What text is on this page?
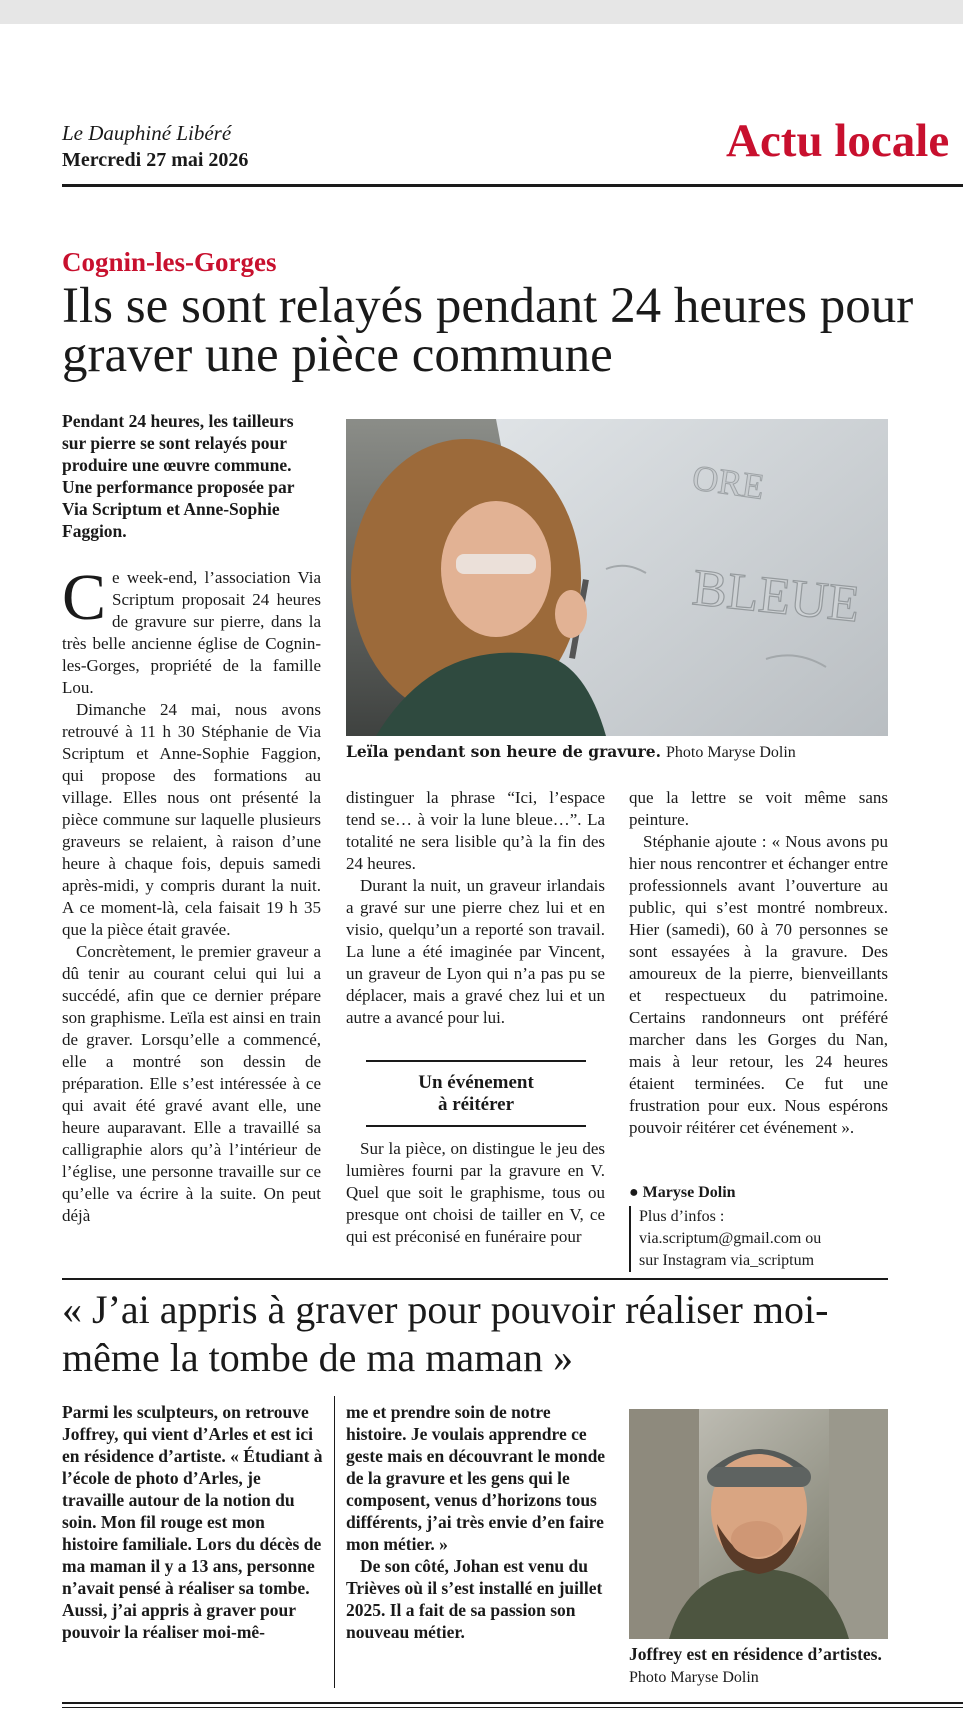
Le Dauphiné Libéré
Mercredi 27 mai 2026	Actu locale
Cognin-les-Gorges
Ils se sont relayés pendant 24 heures pour graver une pièce commune
Pendant 24 heures, les tailleurs sur pierre se sont relayés pour produire une œuvre commune. Une performance proposée par Via Scriptum et Anne-Sophie Faggion.
ORE
BLEUE
Leïla pendant son heure de gravure. Photo Maryse Dolin
C e week-end, l’association Via Scriptum proposait 24 heures de gravure sur pierre, dans la très belle ancienne église de Cognin-les-Gorges, propriété de la famille Lou.

Dimanche 24 mai, nous avons retrouvé à 11 h 30 Stéphanie de Via Scriptum et Anne-Sophie Faggion, qui propose des formations au village. Elles nous ont présenté la pièce commune sur laquelle plusieurs graveurs se relaient, à raison d’une heure à chaque fois, depuis samedi après-midi, y compris durant la nuit. A ce moment-là, cela faisait 19 h 35 que la pièce était gravée.

Concrètement, le premier graveur a dû tenir au courant celui qui lui a succédé, afin que ce dernier prépare son graphisme. Leïla est ainsi en train de graver. Lorsqu’elle a commencé, elle a montré son dessin de préparation. Elle s’est intéressée à ce qui avait été gravé avant elle, une heure auparavant. Elle a travaillé sa calligraphie alors qu’à l’intérieur de l’église, une personne travaille sur ce qu’elle va écrire à la suite. On peut déjà

distinguer la phrase “Ici, l’espace tend se… à voir la lune bleue…”. La totalité ne sera lisible qu’à la fin des 24 heures.

Durant la nuit, un graveur irlandais a gravé sur une pierre chez lui et en visio, quelqu’un a reporté son travail. La lune a été imaginée par Vincent, un graveur de Lyon qui n’a pas pu se déplacer, mais a gravé chez lui et un autre a avancé pour lui.

Un événement
à réitérer

Sur la pièce, on distingue le jeu des lumières fourni par la gravure en V. Quel que soit le graphisme, tous ou presque ont choisi de tailler en V, ce qui est préconisé en funéraire pour

que la lettre se voit même sans peinture.

Stéphanie ajoute : « Nous avons pu hier nous rencontrer et échanger entre professionnels avant l’ouverture au public, qui s’est montré nombreux. Hier (samedi), 60 à 70 personnes se sont essayées à la gravure. Des amoureux de la pierre, bienveillants et respectueux du patrimoine. Certains randonneurs ont préféré marcher dans les Gorges du Nan, mais à leur retour, les 24 heures étaient terminées. Ce fut une frustration pour eux. Nous espérons pouvoir réitérer cet événement ».

● Maryse Dolin
Plus d’infos : via.scriptum@gmail.com ou sur Instagram via_scriptum
« J’ai appris à graver pour pouvoir réaliser moi-même la tombe de ma maman »

Parmi les sculpteurs, on retrouve Joffrey, qui vient d’Arles et est ici en résidence d’artiste. « Étudiant à l’école de photo d’Arles, je travaille autour de la notion du soin. Mon fil rouge est mon histoire familiale. Lors du décès de ma maman il y a 13 ans, personne n’avait pensé à réaliser sa tombe. Aussi, j’ai appris à graver pour pouvoir la réaliser moi-mê-

me et prendre soin de notre histoire. Je voulais apprendre ce geste mais en découvrant le monde de la gravure et les gens qui le composent, venus d’horizons tous différents, j’ai très envie d’en faire mon métier. »

De son côté, Johan est venu du Trièves où il s’est installé en juillet 2025. Il a fait de sa passion son nouveau métier.

Joffrey est en résidence d’artistes. Photo Maryse Dolin
